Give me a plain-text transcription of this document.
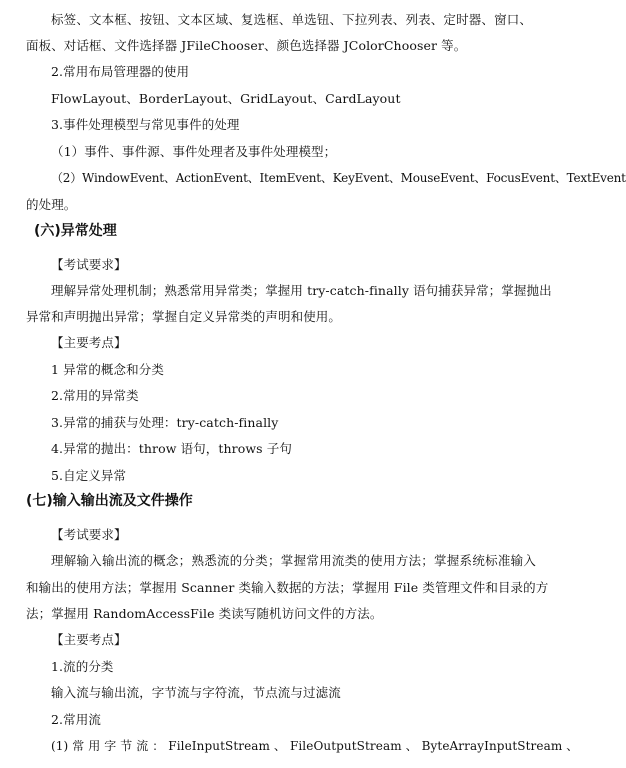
标签、文本框、按钮、文本区域、复选框、单选钮、下拉列表、列表、定时器、窗口、
面板、对话框、文件选择器 JFileChooser、颜色选择器 JColorChooser 等。
2.常用布局管理器的使用
FlowLayout、BorderLayout、GridLayout、CardLayout
3.事件处理模型与常见事件的处理
（1）事件、事件源、事件处理者及事件处理模型；
（2）WindowEvent、ActionEvent、ItemEvent、KeyEvent、MouseEvent、FocusEvent、TextEvent
的处理。
(六)异常处理
【考试要求】
理解异常处理机制；熟悉常用异常类；掌握用 try-catch-finally 语句捕获异常；掌握抛出
异常和声明抛出异常；掌握自定义异常类的声明和使用。
【主要考点】
1 异常的概念和分类
2.常用的异常类
3.异常的捕获与处理：try-catch-finally
4.异常的抛出：throw 语句，throws 子句
5.自定义异常
(七)输入输出流及文件操作
【考试要求】
理解输入输出流的概念；熟悉流的分类；掌握常用流类的使用方法；掌握系统标准输入
和输出的使用方法；掌握用 Scanner 类输入数据的方法；掌握用 File 类管理文件和目录的方
法；掌握用 RandomAccessFile 类读写随机访问文件的方法。
【主要考点】
1.流的分类
输入流与输出流，字节流与字符流，节点流与过滤流
2.常用流
(1) 常 用 字 节 流 ： FileInputStream 、 FileOutputStream 、 ByteArrayInputStream 、
